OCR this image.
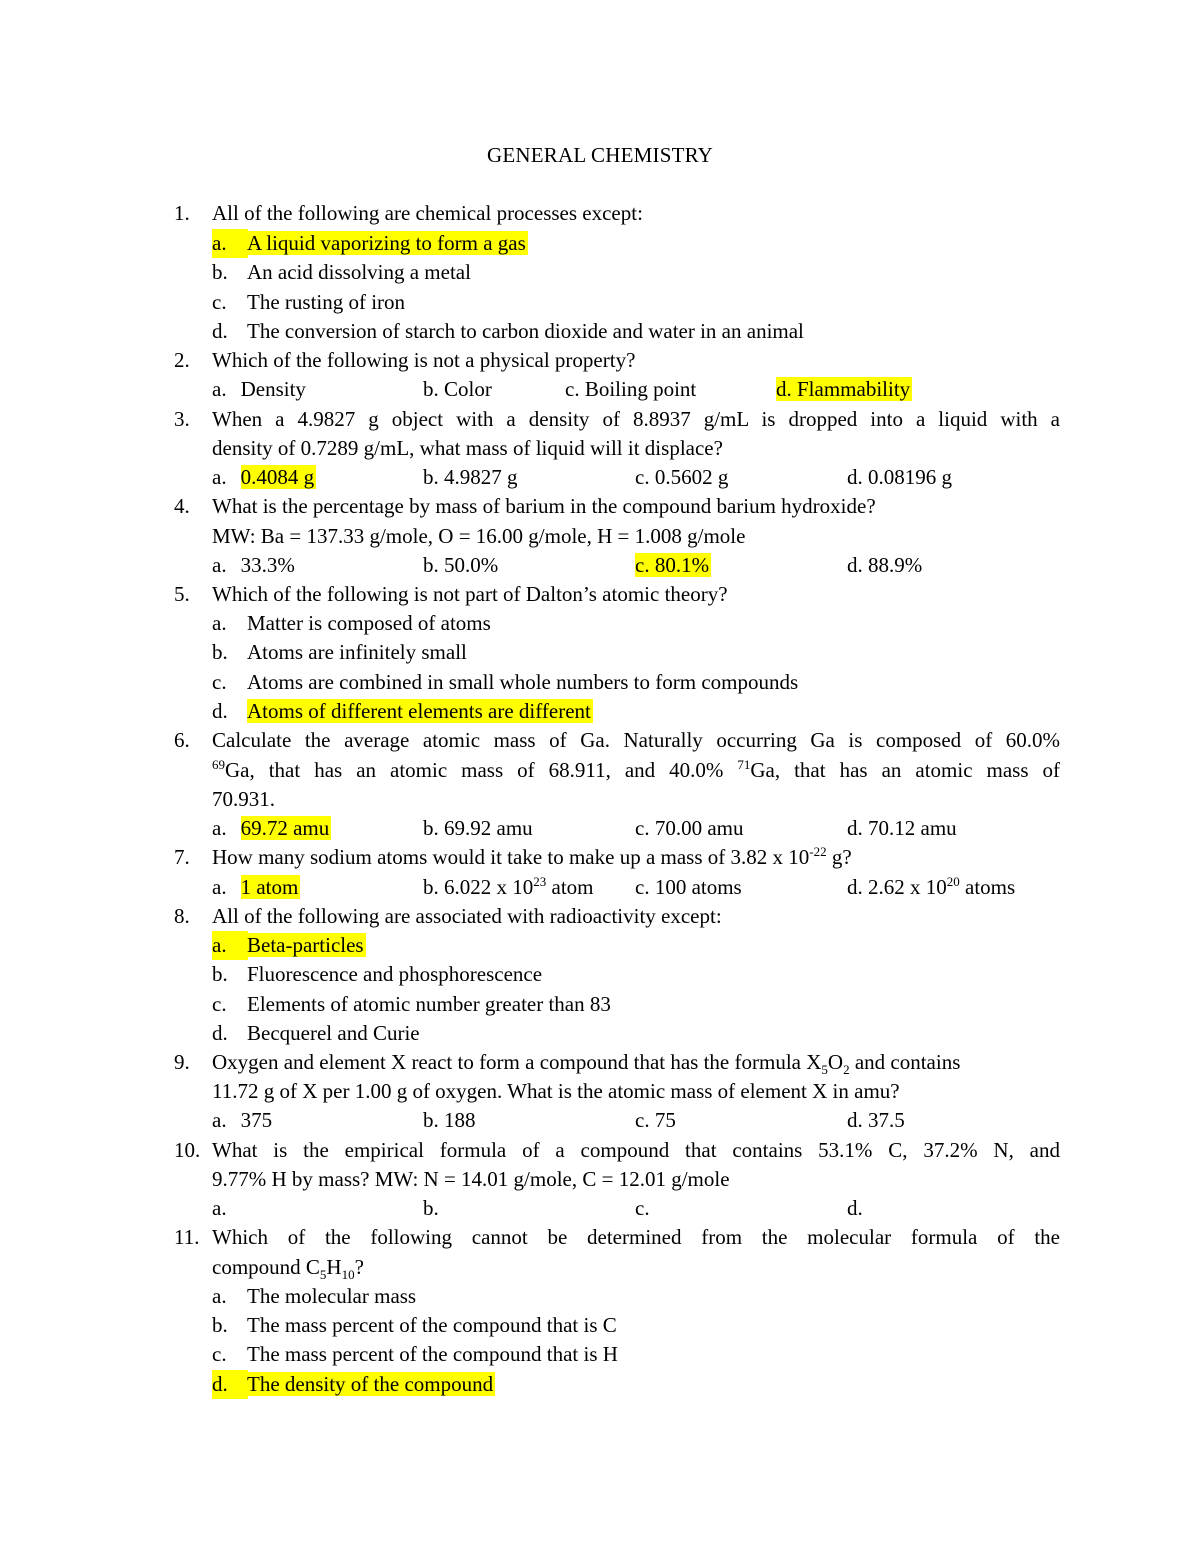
GENERAL CHEMISTRY
1.	All of the following are chemical processes except:
a. A liquid vaporizing to form a gas
b. An acid dissolving a metal
c. The rusting of iron
d. The conversion of starch to carbon dioxide and water in an animal
2.	Which of the following is not a physical property?
a. Density	b. Color	c. Boiling point	d. Flammability
3.	When a 4.9827 g object with a density of 8.8937 g/mL is dropped into a liquid with a
density of 0.7289 g/mL, what mass of liquid will it displace?
a. 0.4084 g	b. 4.9827 g	c. 0.5602 g	d. 0.08196 g
4.	What is the percentage by mass of barium in the compound barium hydroxide?
MW: Ba = 137.33 g/mole, O = 16.00 g/mole, H = 1.008 g/mole
a. 33.3%	b. 50.0%	c. 80.1%	d. 88.9%
5.	Which of the following is not part of Dalton’s atomic theory?
a. Matter is composed of atoms
b. Atoms are infinitely small
c. Atoms are combined in small whole numbers to form compounds
d. Atoms of different elements are different
6.	Calculate the average atomic mass of Ga. Naturally occurring Ga is composed of 60.0%
$^{69}$Ga, that has an atomic mass of 68.911, and 40.0% $^{71}$Ga, that has an atomic mass of
70.931.
a. 69.72 amu	b. 69.92 amu	c. 70.00 amu	d. 70.12 amu
7.	How many sodium atoms would it take to make up a mass of 3.82 x $10^{-22}$ g?
a. 1 atom	b. 6.022 x $10^{23}$ atom c. 100 atoms	d. 2.62 x $10^{20}$ atoms
8.	All of the following are associated with radioactivity except:
a. Beta-particles
b. Fluorescence and phosphorescence
c. Elements of atomic number greater than 83
d. Becquerel and Curie
9.	Oxygen and element X react to form a compound that has the formula $X_5O_2$ and contains
11.72 g of X per 1.00 g of oxygen. What is the atomic mass of element X in amu?
a. 375	b. 188	c. 75	d. 37.5
10. What is the empirical formula of a compound that contains 53.1% C, 37.2% N, and
9.77% H by mass? MW: N = 14.01 g/mole, C = 12.01 g/mole
a.	b.	c.	d.
11. Which of the following cannot be determined from the molecular formula of the
compound $C_5H_{10}$?
a. The molecular mass
b. The mass percent of the compound that is C
c. The mass percent of the compound that is H
d. The density of the compound
